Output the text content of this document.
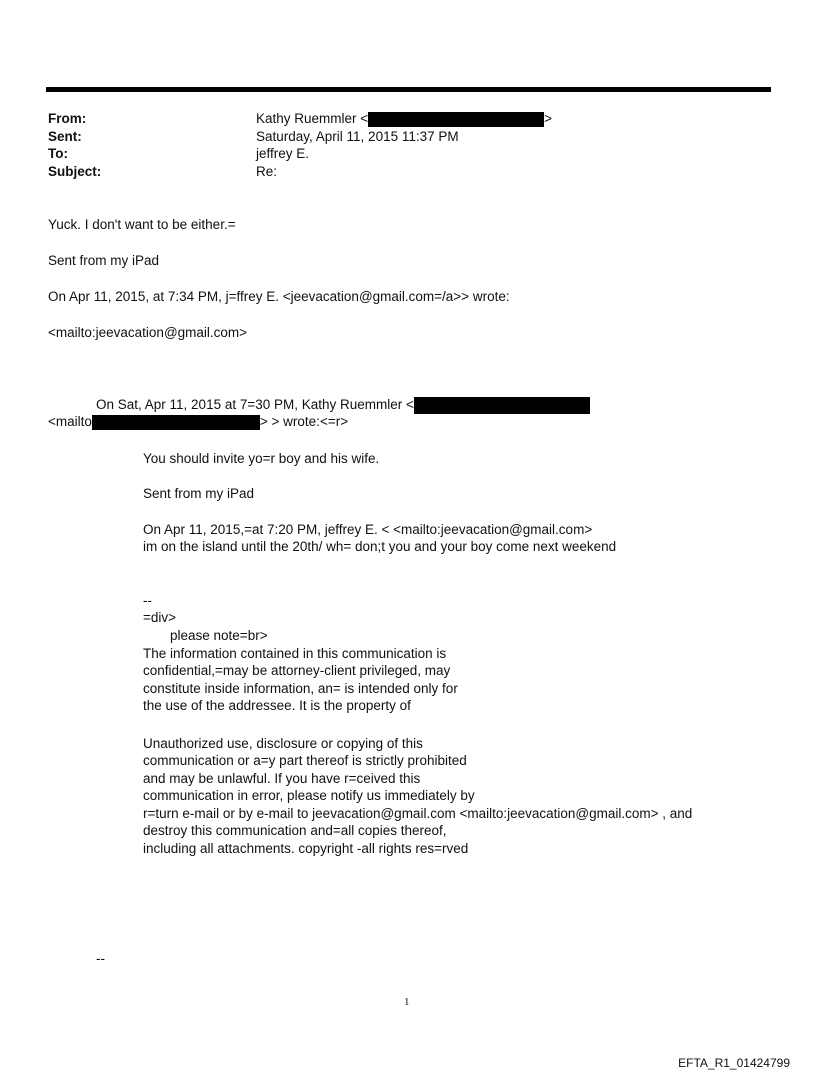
From:	Kathy Ruemmler <	>
Sent:	Saturday, April 11, 2015 11:37 PM
To:	jeffrey E.
Subject:	Re:
Yuck. I don't want to be either.=
Sent from my iPad
On Apr 11, 2015, at 7:34 PM, j=ffrey E. <jeevacation@gmail.com=/a>> wrote:
<mailto:jeevacation@gmail.com>
On Sat, Apr 11, 2015 at 7=30 PM, Kathy Ruemmler <
<mailto	> > wrote:<=r>
You should invite yo=r boy and his wife.
Sent from my iPad
On Apr 11, 2015,=at 7:20 PM, jeffrey E. < <mailto:jeevacation@gmail.com>
im on the island until the 20th/ wh= don;t you and your boy come next weekend
--
=div>
please note=br>
The information contained in this communication is
confidential,=may be attorney-client privileged, may
constitute inside information, an= is intended only for
the use of the addressee. It is the property of
Unauthorized use, disclosure or copying of this
communication or a=y part thereof is strictly prohibited
and may be unlawful. If you have r=ceived this
communication in error, please notify us immediately by
r=turn e-mail or by e-mail to jeevacation@gmail.com <mailto:jeevacation@gmail.com> , and
destroy this communication and=all copies thereof,
including all attachments. copyright -all rights res=rved
--
1
EFTA_R1_01424799
